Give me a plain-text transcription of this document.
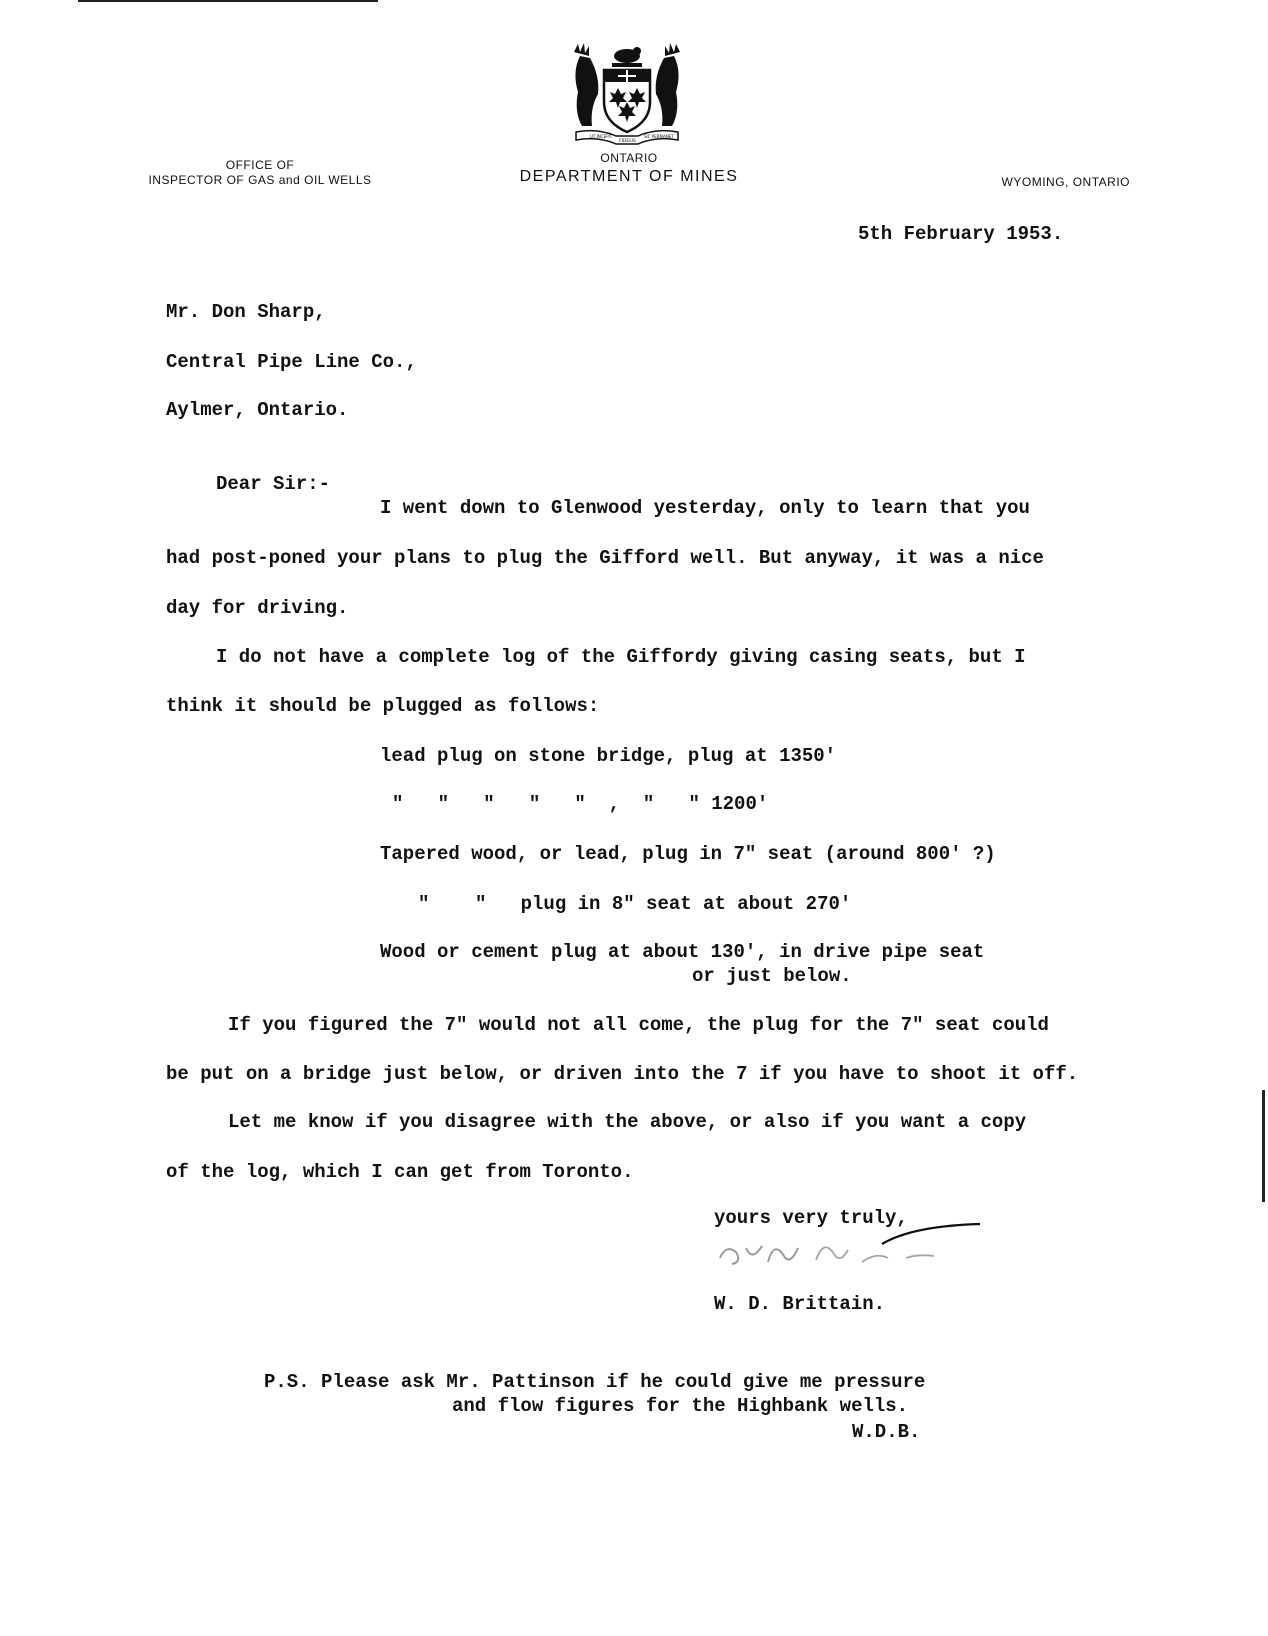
UT INCEPIT
FIDELIS
SIC PERMANET
OFFICE OF
INSPECTOR OF GAS and OIL WELLS
ONTARIO
DEPARTMENT OF MINES	WYOMING, ONTARIO
5th February 1953.
Mr. Don Sharp,
Central Pipe Line Co.,
Aylmer, Ontario.
Dear Sir:-
I went down to Glenwood yesterday, only to learn that you
had post-poned your plans to plug the Gifford well. But anyway, it was a nice
day for driving.
I do not have a complete log of the Giffordy giving casing seats, but I
think it should be plugged as follows:
lead plug on stone bridge, plug at 1350'
"   "   "   "   "  ,  "   " 1200'
Tapered wood, or lead, plug in 7" seat (around 800' ?)
"    "   plug in 8" seat at about 270'
Wood or cement plug at about 130', in drive pipe seat
or just below.
If you figured the 7" would not all come, the plug for the 7" seat could
be put on a bridge just below, or driven into the 7 if you have to shoot it off.
Let me know if you disagree with the above, or also if you want a copy
of the log, which I can get from Toronto.
yours very truly,
W. D. Brittain.
P.S. Please ask Mr. Pattinson if he could give me pressure
and flow figures for the Highbank wells.
W.D.B.
